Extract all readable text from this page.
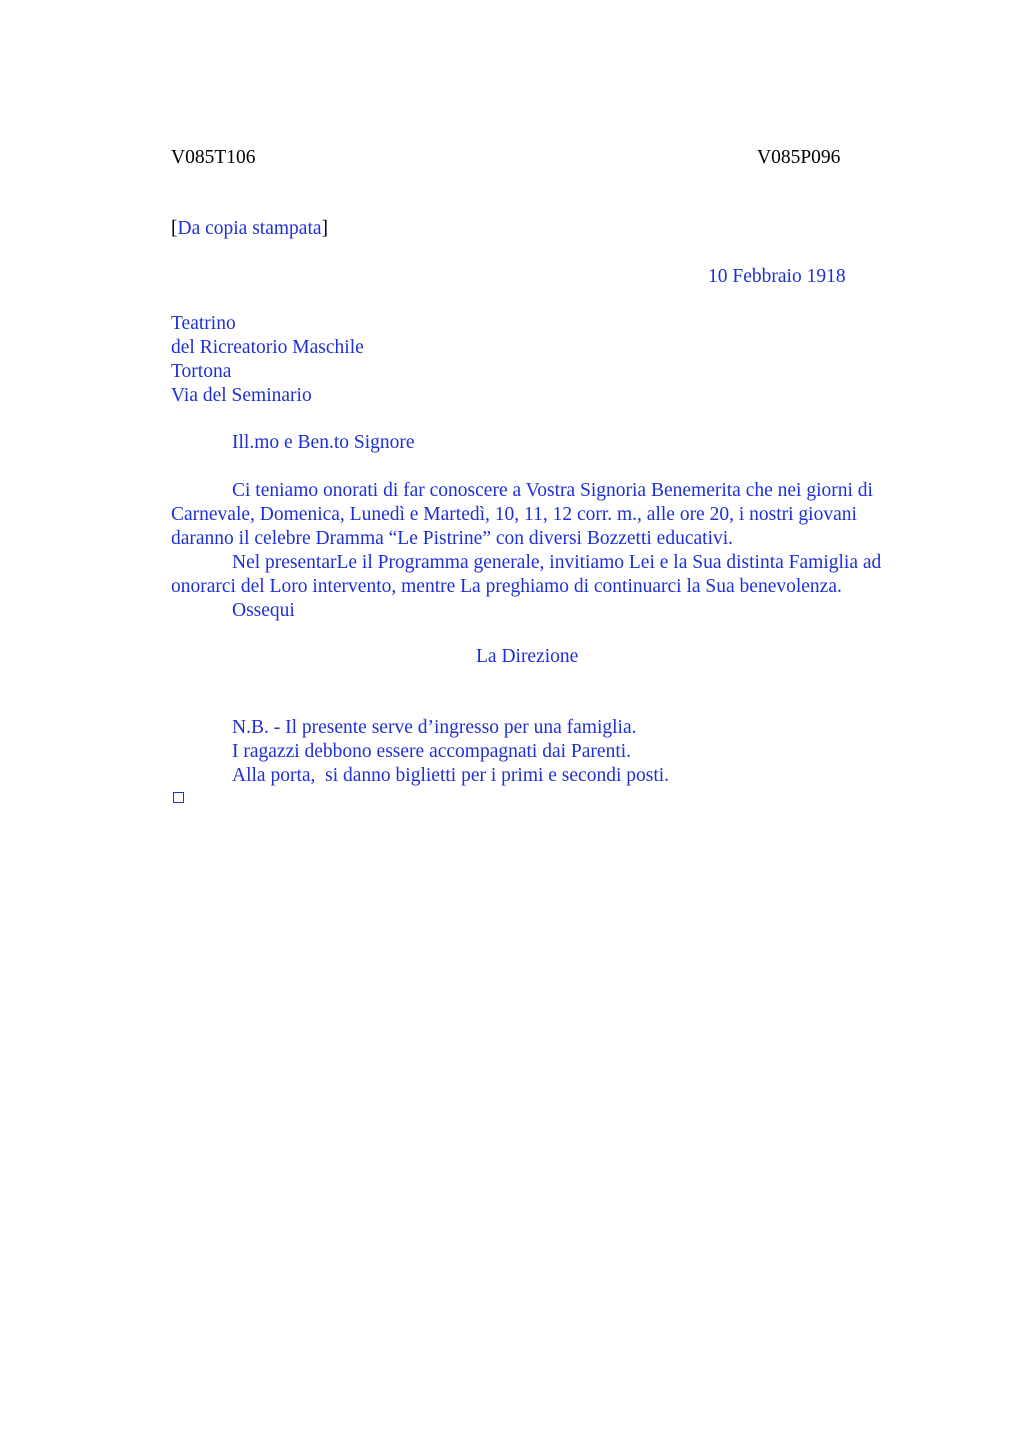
V085T106	V085P096
[Da copia stampata]
10 Febbraio 1918
Teatrino
del Ricreatorio Maschile
Tortona
Via del Seminario
Ill.mo e Ben.to Signore
Ci teniamo onorati di far conoscere a Vostra Signoria Benemerita che nei giorni di
Carnevale, Domenica, Lunedì e Martedì, 10, 11, 12 corr. m., alle ore 20, i nostri giovani
daranno il celebre Dramma “Le Pistrine” con diversi Bozzetti educativi.
Nel presentarLe il Programma generale, invitiamo Lei e la Sua distinta Famiglia ad
onorarci del Loro intervento, mentre La preghiamo di continuarci la Sua benevolenza.
Ossequi
La Direzione
N.B. - Il presente serve d’ingresso per una famiglia.
I ragazzi debbono essere accompagnati dai Parenti.
Alla porta,  si danno biglietti per i primi e secondi posti.
